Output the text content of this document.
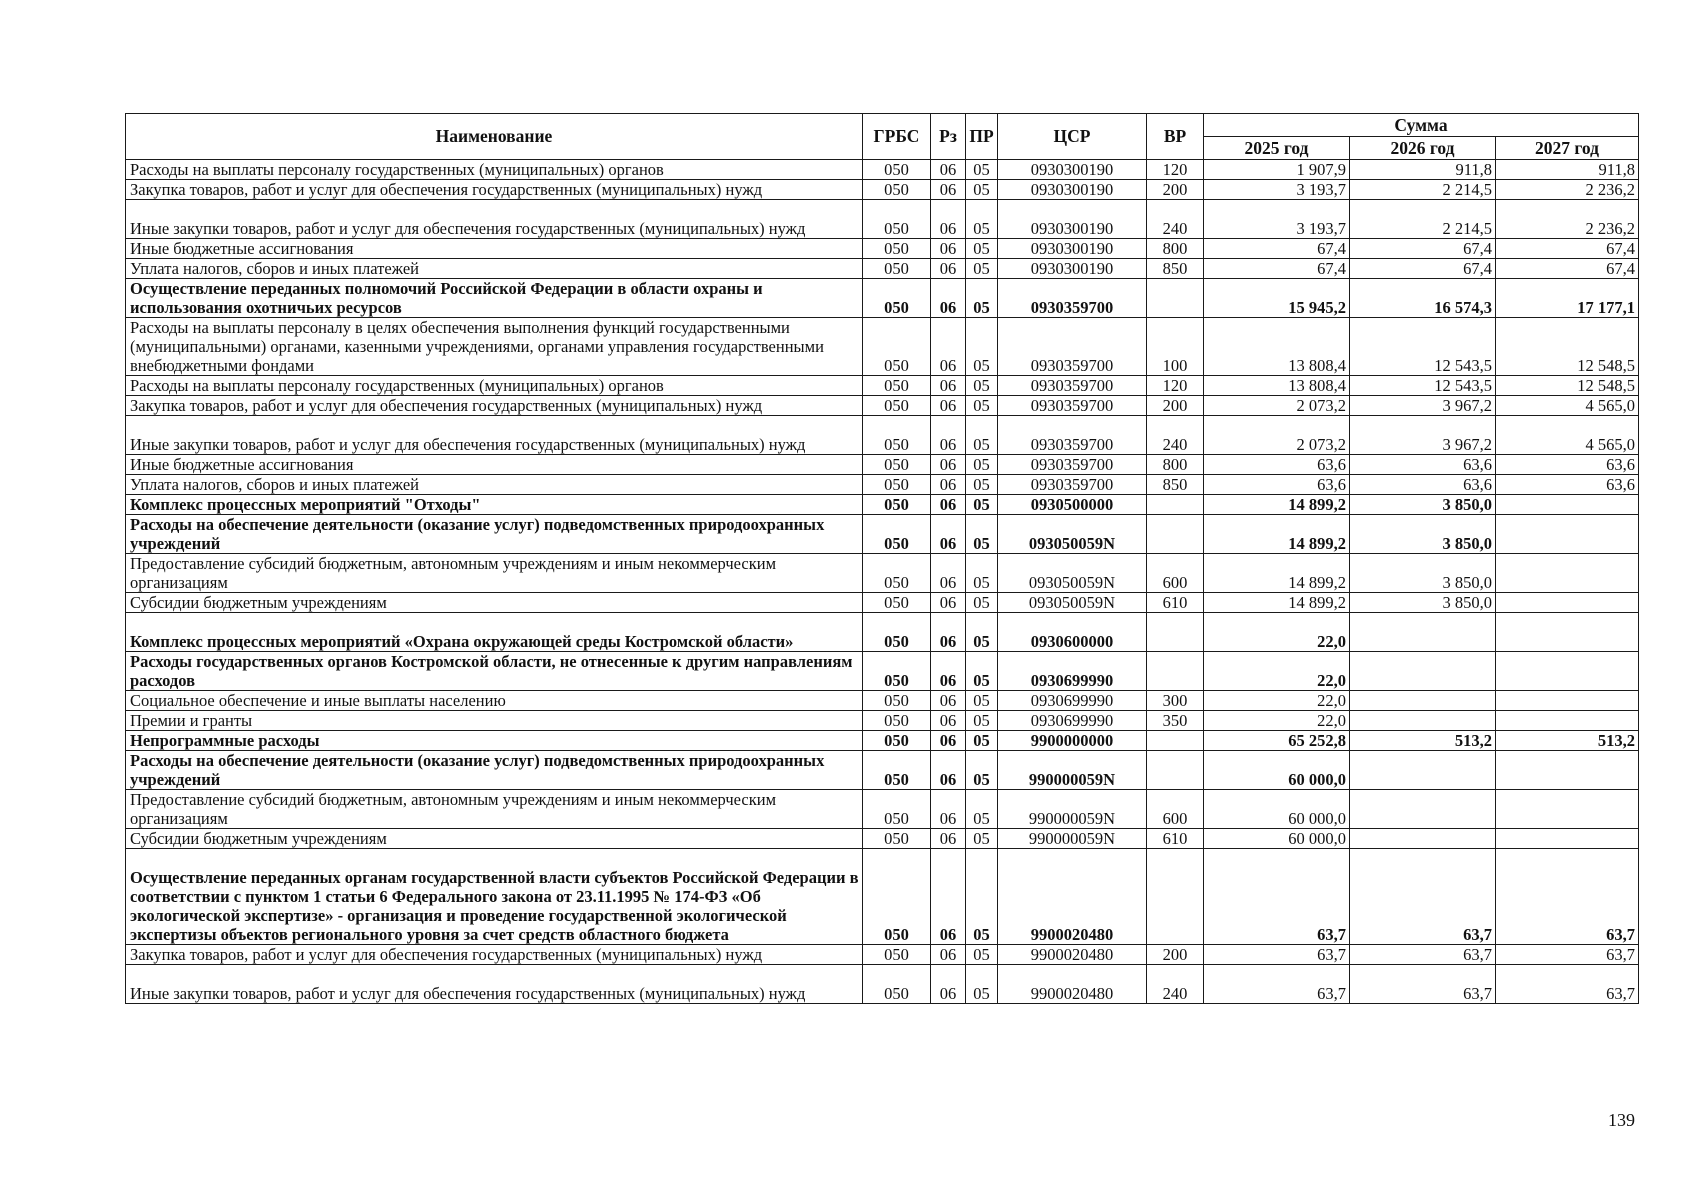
Наименование	ГРБС	Рз	ПР	ЦСР	ВР	Сумма		
						2025 год	2026 год	2027 год
Расходы на выплаты персоналу государственных (муниципальных) органов	050	06	05	0930300190	120	1 907,9	911,8	911,8
Закупка товаров, работ и услуг для обеспечения государственных (муниципальных) нужд	050	06	05	0930300190	200	3 193,7	2 214,5	2 236,2
Иные закупки товаров, работ и услуг для обеспечения государственных (муниципальных) нужд	050	06	05	0930300190	240	3 193,7	2 214,5	2 236,2
Иные бюджетные ассигнования	050	06	05	0930300190	800	67,4	67,4	67,4
Уплата налогов, сборов и иных платежей	050	06	05	0930300190	850	67,4	67,4	67,4
Осуществление переданных полномочий Российской Федерации в области охраны и использования охотничьих ресурсов	050	06	05	0930359700		15 945,2	16 574,3	17 177,1
Расходы на выплаты персоналу в целях обеспечения выполнения функций государственными (муниципальными) органами, казенными учреждениями, органами управления государственными внебюджетными фондами	050	06	05	0930359700	100	13 808,4	12 543,5	12 548,5
Расходы на выплаты персоналу государственных (муниципальных) органов	050	06	05	0930359700	120	13 808,4	12 543,5	12 548,5
Закупка товаров, работ и услуг для обеспечения государственных (муниципальных) нужд	050	06	05	0930359700	200	2 073,2	3 967,2	4 565,0
Иные закупки товаров, работ и услуг для обеспечения государственных (муниципальных) нужд	050	06	05	0930359700	240	2 073,2	3 967,2	4 565,0
Иные бюджетные ассигнования	050	06	05	0930359700	800	63,6	63,6	63,6
Уплата налогов, сборов и иных платежей	050	06	05	0930359700	850	63,6	63,6	63,6
Комплекс процессных мероприятий "Отходы"	050	06	05	0930500000		14 899,2	3 850,0	
Расходы на обеспечение деятельности (оказание услуг) подведомственных природоохранных учреждений	050	06	05	093050059N		14 899,2	3 850,0	
Предоставление субсидий бюджетным, автономным учреждениям и иным некоммерческим организациям	050	06	05	093050059N	600	14 899,2	3 850,0	
Субсидии бюджетным учреждениям	050	06	05	093050059N	610	14 899,2	3 850,0	
Комплекс процессных мероприятий «Охрана окружающей среды Костромской области»	050	06	05	0930600000		22,0		
Расходы государственных органов Костромской области, не отнесенные к другим направлениям расходов	050	06	05	0930699990		22,0		
Социальное обеспечение и иные выплаты населению	050	06	05	0930699990	300	22,0		
Премии и гранты	050	06	05	0930699990	350	22,0		
Непрограммные расходы	050	06	05	9900000000		65 252,8	513,2	513,2
Расходы на обеспечение деятельности (оказание услуг) подведомственных природоохранных учреждений	050	06	05	990000059N		60 000,0		
Предоставление субсидий бюджетным, автономным учреждениям и иным некоммерческим организациям	050	06	05	990000059N	600	60 000,0		
Субсидии бюджетным учреждениям	050	06	05	990000059N	610	60 000,0		
Осуществление переданных органам государственной власти субъектов Российской Федерации в соответствии с пунктом 1 статьи 6 Федерального закона от 23.11.1995 № 174-ФЗ «Об экологической экспертизе» - организация и проведение государственной экологической экспертизы объектов регионального уровня за счет средств областного бюджета	050	06	05	9900020480		63,7	63,7	63,7
Закупка товаров, работ и услуг для обеспечения государственных (муниципальных) нужд	050	06	05	9900020480	200	63,7	63,7	63,7
Иные закупки товаров, работ и услуг для обеспечения государственных (муниципальных) нужд	050	06	05	9900020480	240	63,7	63,7	63,7
139
